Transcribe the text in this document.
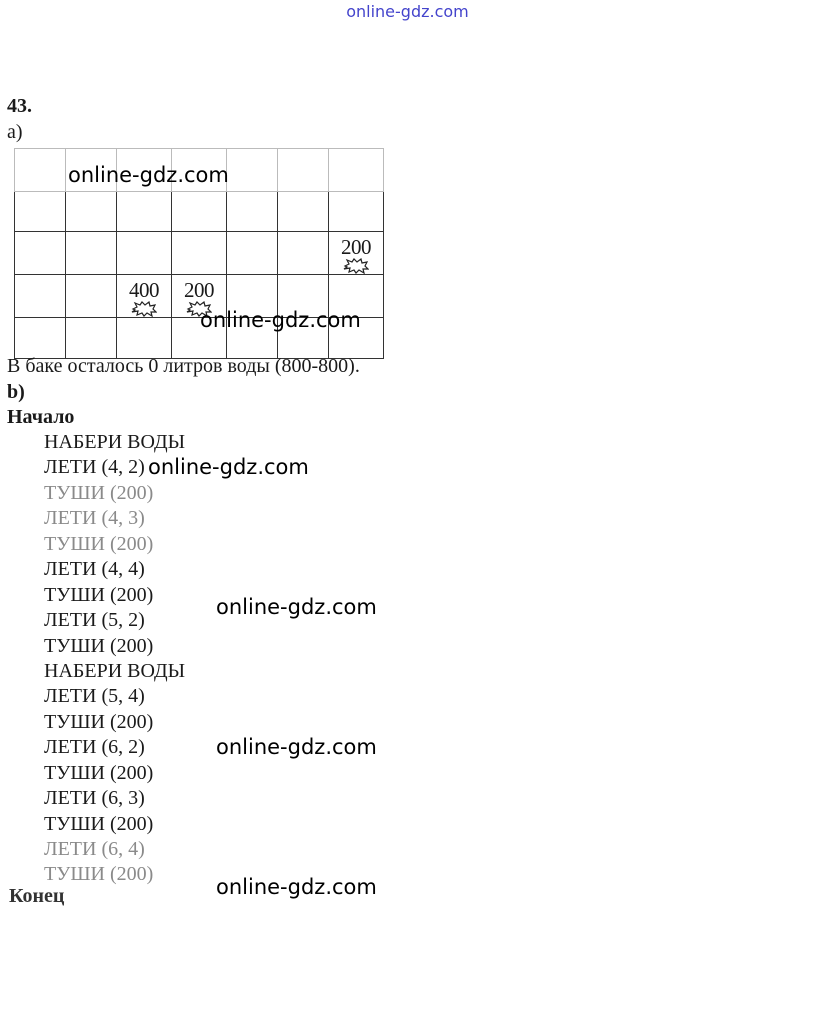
online-gdz.com
43.
а)

						200

		400	200			

В баке осталось 0 литров воды (800-800).
b)
Начало
НАБЕРИ ВОДЫ
ЛЕТИ (4, 2)
ТУШИ (200)
ЛЕТИ (4, 3)
ТУШИ (200)
ЛЕТИ (4, 4)
ТУШИ (200)
ЛЕТИ (5, 2)
ТУШИ (200)
НАБЕРИ ВОДЫ
ЛЕТИ (5, 4)
ТУШИ (200)
ЛЕТИ (6, 2)
ТУШИ (200)
ЛЕТИ (6, 3)
ТУШИ (200)
ЛЕТИ (6, 4)
ТУШИ (200)
Конец
online-gdz.com
online-gdz.com
online-gdz.com
online-gdz.com
online-gdz.com
online-gdz.com
